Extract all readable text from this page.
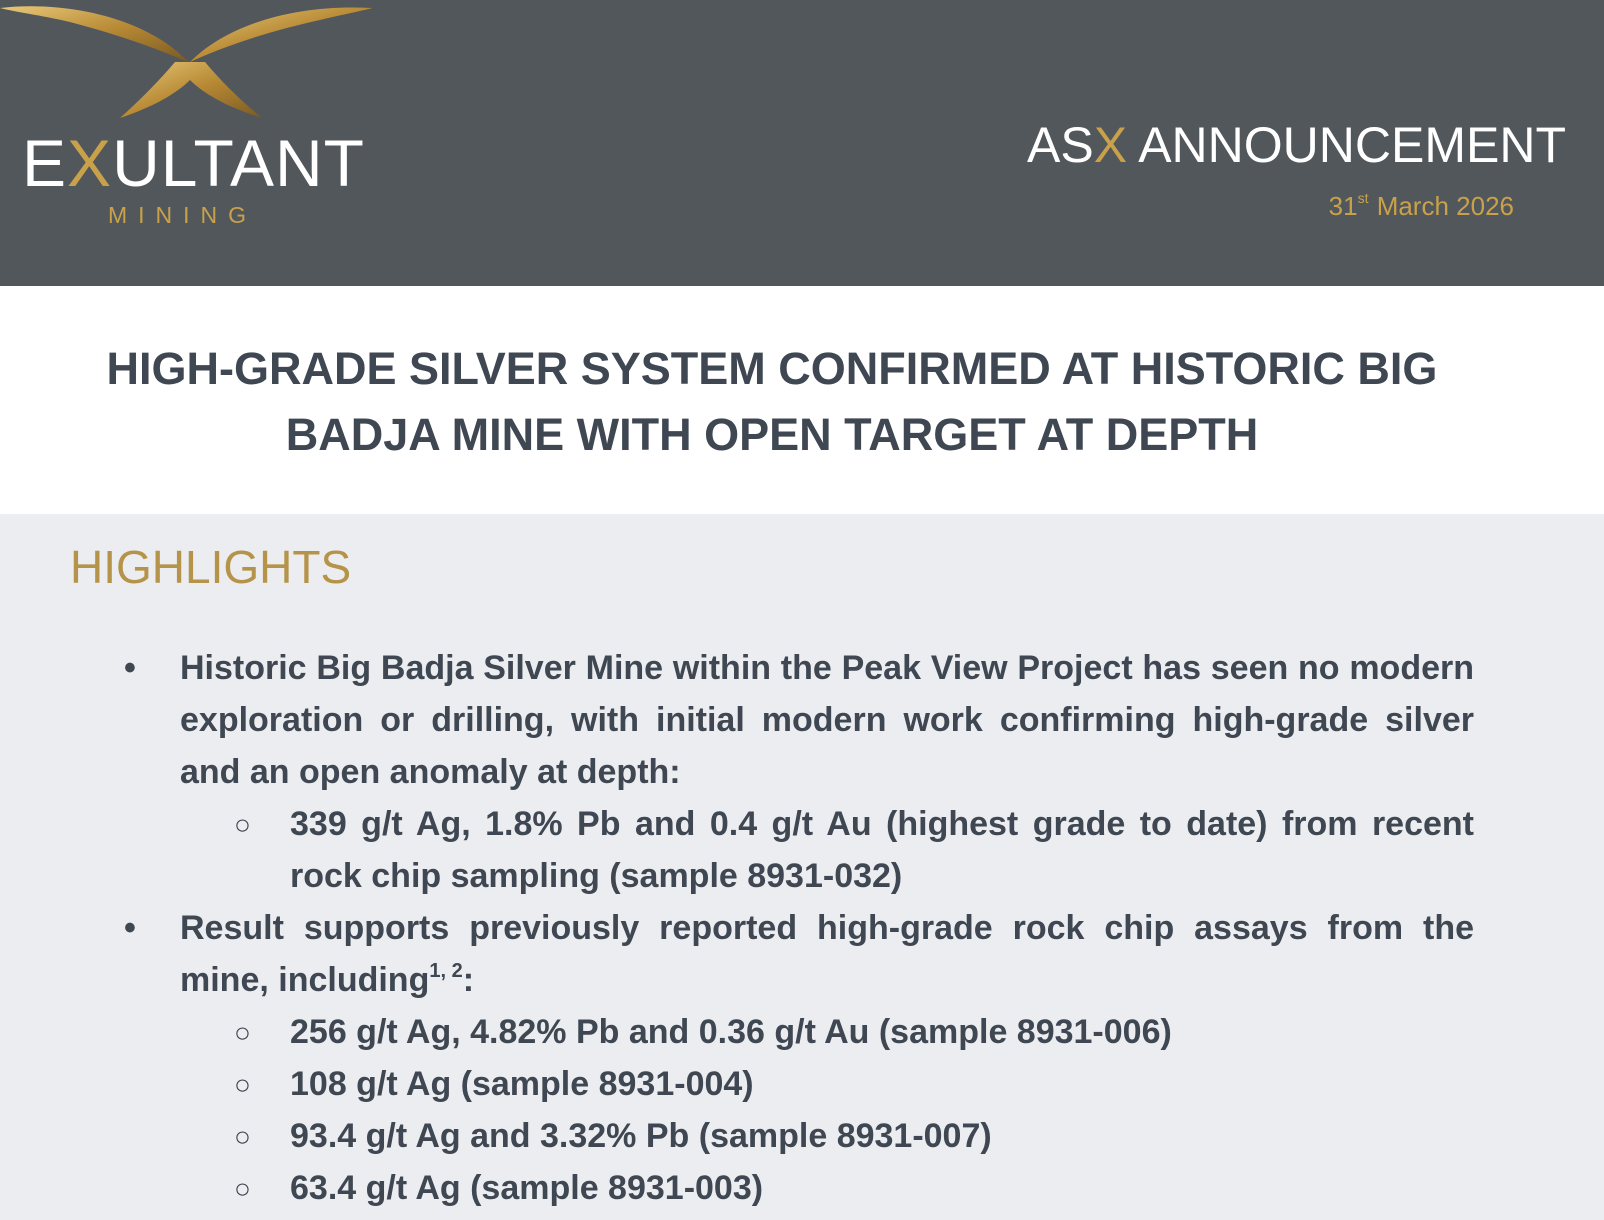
EXULTANT
MINING
ASX ANNOUNCEMENT
31st March 2026
HIGH-GRADE SILVER SYSTEM CONFIRMED AT HISTORIC BIG
BADJA MINE WITH OPEN TARGET AT DEPTH
HIGHLIGHTS
• Historic Big Badja Silver Mine within the Peak View Project has seen no modern exploration or drilling, with initial modern work confirming high-grade silver and an open anomaly at depth:
○ 339 g/t Ag, 1.8% Pb and 0.4 g/t Au (highest grade to date) from recent rock chip sampling (sample 8931-032)
• Result supports previously reported high-grade rock chip assays from the mine, including$^{1, 2}$:
○ 256 g/t Ag, 4.82% Pb and 0.36 g/t Au (sample 8931-006)
○ 108 g/t Ag (sample 8931-004)
○ 93.4 g/t Ag and 3.32% Pb (sample 8931-007)
○ 63.4 g/t Ag (sample 8931-003)
